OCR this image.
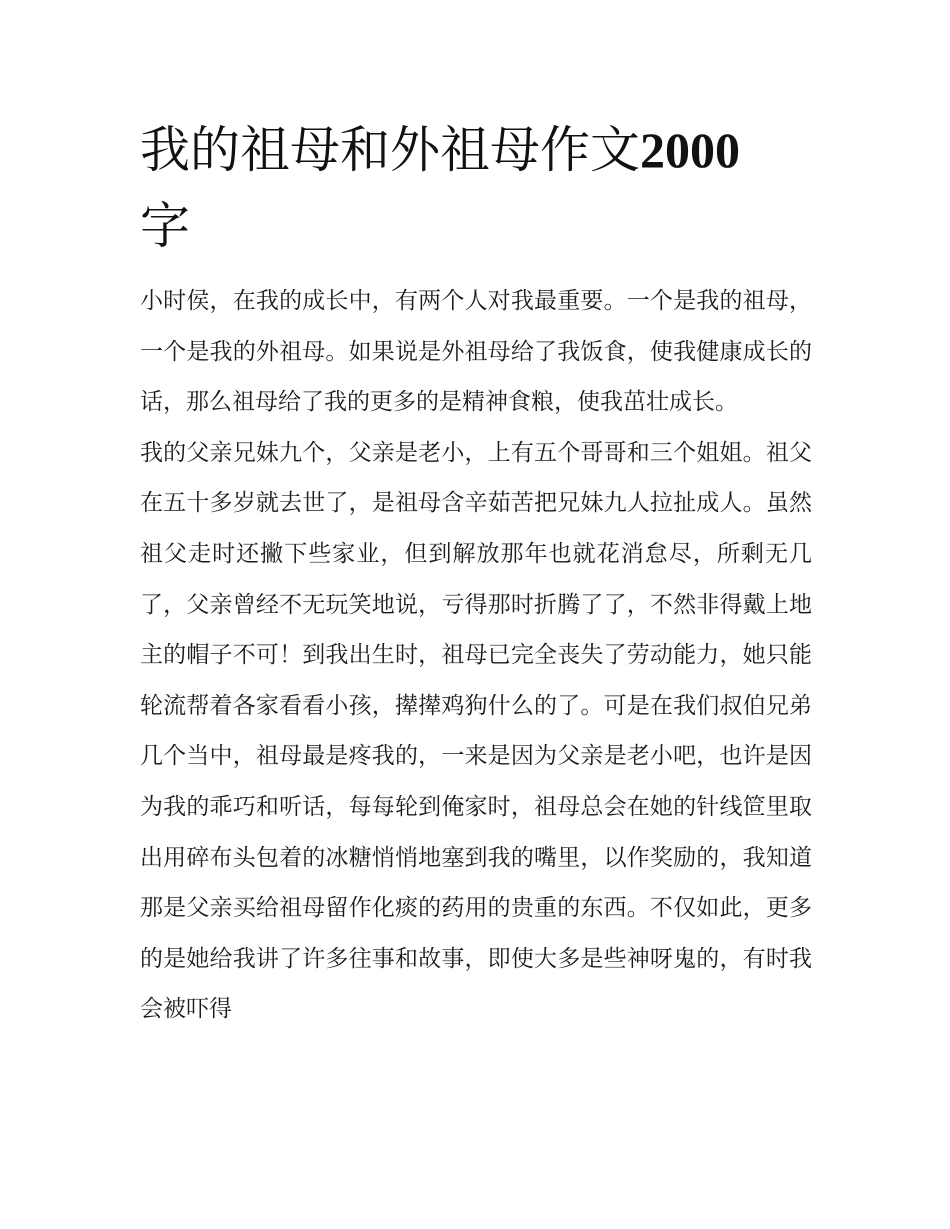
我的祖母和外祖母作文2000
字

小时侯，在我的成长中，有两个人对我最重要。一个是我的祖母，一个是我的外祖母。如果说是外祖母给了我饭食，使我健康成长的话，那么祖母给了我的更多的是精神食粮，使我茁壮成长。

我的父亲兄妹九个，父亲是老小，上有五个哥哥和三个姐姐。祖父在五十多岁就去世了，是祖母含辛茹苦把兄妹九人拉扯成人。虽然祖父走时还撇下些家业，但到解放那年也就花消怠尽，所剩无几了，父亲曾经不无玩笑地说，亏得那时折腾了了，不然非得戴上地主的帽子不可！到我出生时，祖母已完全丧失了劳动能力，她只能轮流帮着各家看看小孩，撵撵鸡狗什么的了。可是在我们叔伯兄弟几个当中，祖母最是疼我的，一来是因为父亲是老小吧，也许是因为我的乖巧和听话，每每轮到俺家时，祖母总会在她的针线笸里取出用碎布头包着的冰糖悄悄地塞到我的嘴里，以作奖励的，我知道那是父亲买给祖母留作化痰的药用的贵重的东西。不仅如此，更多的是她给我讲了许多往事和故事，即使大多是些神呀鬼的，有时我会被吓得
